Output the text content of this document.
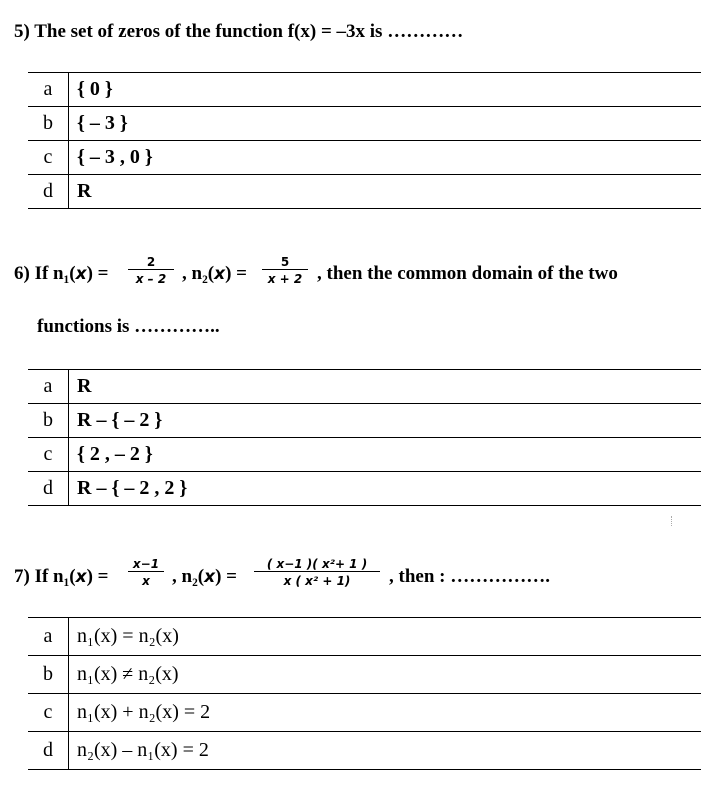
5) The set of zeros of the function f(x) = –3x is …………
a	{ 0 }
b	{ – 3 }
c	{ – 3 , 0 }
d	R
6) If $n_1(x) = \frac{2}{x - 2}$ , $n_2(x) = \frac{5}{x + 2}$ , then the common domain of the two
functions is …………..
a	R
b	R – { – 2 }
c	{ 2 , – 2 }
d	R – { – 2 , 2 }
7) If $n_1(x) = \frac{x-1}{x}$ , $n_2(x) = \frac{\text{( x−1 )( x²+ 1 )}}{\text{x ( x² + 1)}}$ , then : …………….
a	n₁(x) = n₂(x)
b	n₁(x) ≠ n₂(x)
c	n₁(x) + n₂(x) = 2
d	n₂(x) – n₁(x) = 2
